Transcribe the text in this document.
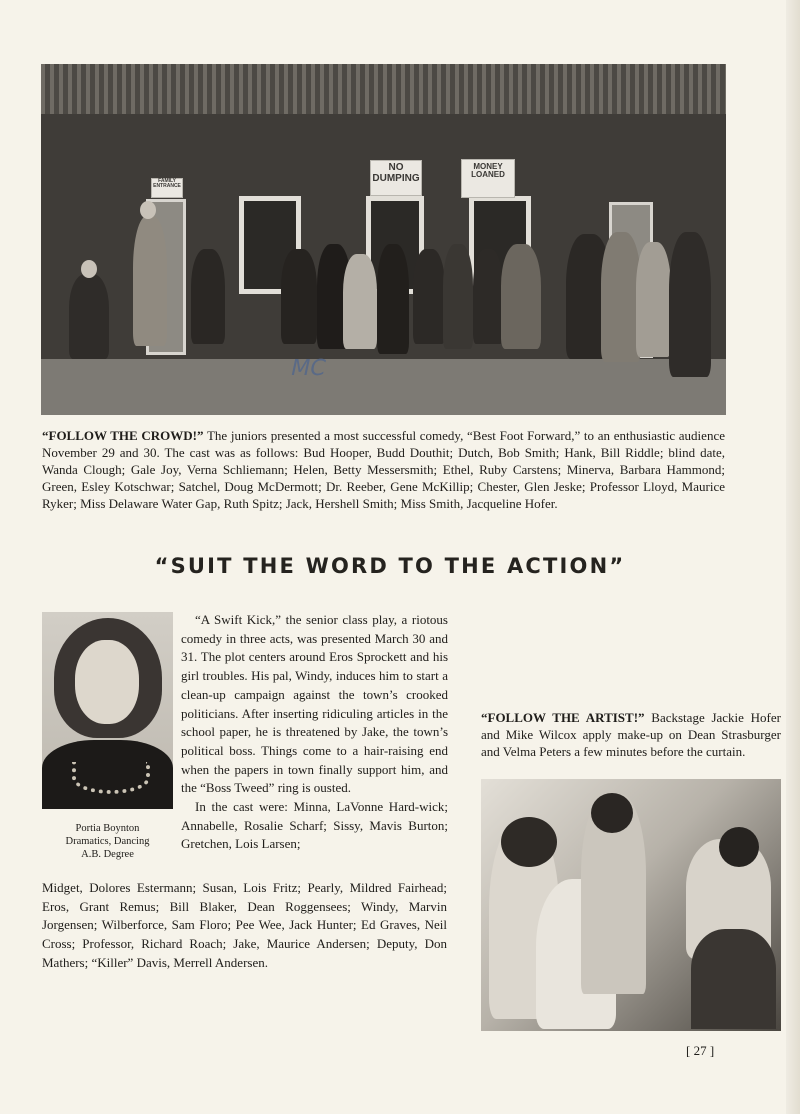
FAMILY ENTRANCE
NO DUMPING
MONEY LOANED
MC
“FOLLOW THE CROWD!” The juniors presented a most successful comedy, “Best Foot Forward,” to an enthusiastic audience November 29 and 30. The cast was as follows: Bud Hooper, Budd Douthit; Dutch, Bob Smith; Hank, Bill Riddle; blind date, Wanda Clough; Gale Joy, Verna Schliemann; Helen, Betty Messersmith; Ethel, Ruby Carstens; Minerva, Barbara Hammond; Green, Esley Kotschwar; Satchel, Doug McDermott; Dr. Reeber, Gene McKillip; Chester, Glen Jeske; Professor Lloyd, Maurice Ryker; Miss Delaware Water Gap, Ruth Spitz; Jack, Hershell Smith; Miss Smith, Jacqueline Hofer.
“SUIT THE WORD TO THE ACTION”
Portia Boynton
Dramatics, Dancing
A.B. Degree
“A Swift Kick,” the senior class play, a riotous comedy in three acts, was presented March 30 and 31. The plot centers around Eros Sprockett and his girl troubles. His pal, Windy, induces him to start a clean-up campaign against the town’s crooked politicians. After inserting ridiculing articles in the school paper, he is threatened by Jake, the town’s political boss. Things come to a hair-raising end when the papers in town finally support him, and the “Boss Tweed” ring is ousted.
In the cast were: Minna, LaVonne Hard-wick; Annabelle, Rosalie Scharf; Sissy, Mavis Burton; Gretchen, Lois Larsen;
Midget, Dolores Estermann; Susan, Lois Fritz; Pearly, Mildred Fairhead; Eros, Grant Remus; Bill Blaker, Dean Roggensees; Windy, Marvin Jorgensen; Wilberforce, Sam Floro; Pee Wee, Jack Hunter; Ed Graves, Neil Cross; Professor, Richard Roach; Jake, Maurice Andersen; Deputy, Don Mathers; “Killer” Davis, Merrell Andersen.
“FOLLOW THE ARTIST!” Backstage Jackie Hofer and Mike Wilcox apply make-up on Dean Strasburger and Velma Peters a few minutes before the curtain.
[ 27 ]
